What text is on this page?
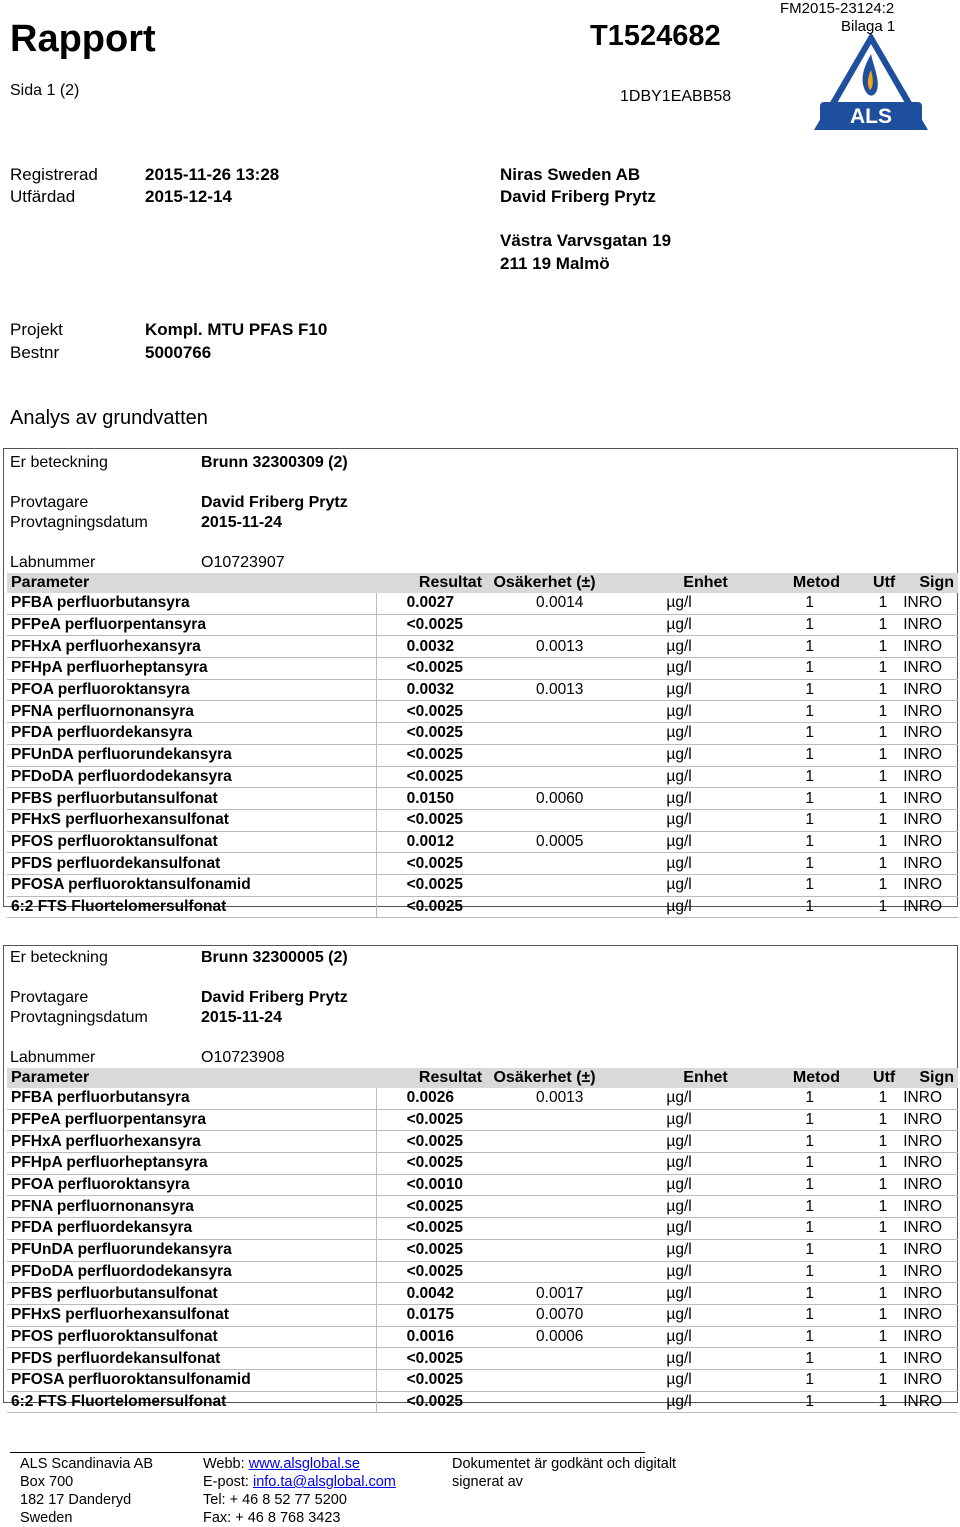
Rapport	T1524682
FM2015-23124:2
Sida 1 (2)	1DBY1EABB58
ALS
Bilaga 1
Registrerad	2015-11-26 13:28
Utfärdad	2015-12-14
Niras Sweden AB
David Friberg Prytz
Västra Varvsgatan 19
211 19 Malmö
Projekt	Kompl. MTU PFAS F10
Bestnr	5000766
Analys av grundvatten
Er beteckning	Brunn 32300309 (2)
Provtagare	David Friberg Prytz
Provtagningsdatum	2015-11-24
Labnummer	O10723907
Parameter	Resultat	Osäkerhet (±)	Enhet	Metod	Utf	Sign
PFBA perfluorbutansyra	0.0027	0.0014	µg/l	1	1	INRO
PFPeA perfluorpentansyra	<0.0025		µg/l	1	1	INRO
PFHxA perfluorhexansyra	0.0032	0.0013	µg/l	1	1	INRO
PFHpA perfluorheptansyra	<0.0025		µg/l	1	1	INRO
PFOA perfluoroktansyra	0.0032	0.0013	µg/l	1	1	INRO
PFNA perfluornonansyra	<0.0025		µg/l	1	1	INRO
PFDA perfluordekansyra	<0.0025		µg/l	1	1	INRO
PFUnDA perfluorundekansyra	<0.0025		µg/l	1	1	INRO
PFDoDA perfluordodekansyra	<0.0025		µg/l	1	1	INRO
PFBS perfluorbutansulfonat	0.0150	0.0060	µg/l	1	1	INRO
PFHxS perfluorhexansulfonat	<0.0025		µg/l	1	1	INRO
PFOS perfluoroktansulfonat	0.0012	0.0005	µg/l	1	1	INRO
PFDS perfluordekansulfonat	<0.0025		µg/l	1	1	INRO
PFOSA perfluoroktansulfonamid	<0.0025		µg/l	1	1	INRO
6:2 FTS Fluortelomersulfonat	<0.0025		µg/l	1	1	INRO
Er beteckning	Brunn 32300005 (2)
Provtagare	David Friberg Prytz
Provtagningsdatum	2015-11-24
Labnummer	O10723908
Parameter	Resultat	Osäkerhet (±)	Enhet	Metod	Utf	Sign
PFBA perfluorbutansyra	0.0026	0.0013	µg/l	1	1	INRO
PFPeA perfluorpentansyra	<0.0025		µg/l	1	1	INRO
PFHxA perfluorhexansyra	<0.0025		µg/l	1	1	INRO
PFHpA perfluorheptansyra	<0.0025		µg/l	1	1	INRO
PFOA perfluoroktansyra	<0.0010		µg/l	1	1	INRO
PFNA perfluornonansyra	<0.0025		µg/l	1	1	INRO
PFDA perfluordekansyra	<0.0025		µg/l	1	1	INRO
PFUnDA perfluorundekansyra	<0.0025		µg/l	1	1	INRO
PFDoDA perfluordodekansyra	<0.0025		µg/l	1	1	INRO
PFBS perfluorbutansulfonat	0.0042	0.0017	µg/l	1	1	INRO
PFHxS perfluorhexansulfonat	0.0175	0.0070	µg/l	1	1	INRO
PFOS perfluoroktansulfonat	0.0016	0.0006	µg/l	1	1	INRO
PFDS perfluordekansulfonat	<0.0025		µg/l	1	1	INRO
PFOSA perfluoroktansulfonamid	<0.0025		µg/l	1	1	INRO
6:2 FTS Fluortelomersulfonat	<0.0025		µg/l	1	1	INRO
ALS Scandinavia AB
Box 700
182 17 Danderyd
Sweden
Webb: www.alsglobal.se
E-post: info.ta@alsglobal.com
Tel: + 46 8 52 77 5200
Fax: + 46 8 768 3423
Dokumentet är godkänt och digitalt
signerat av
